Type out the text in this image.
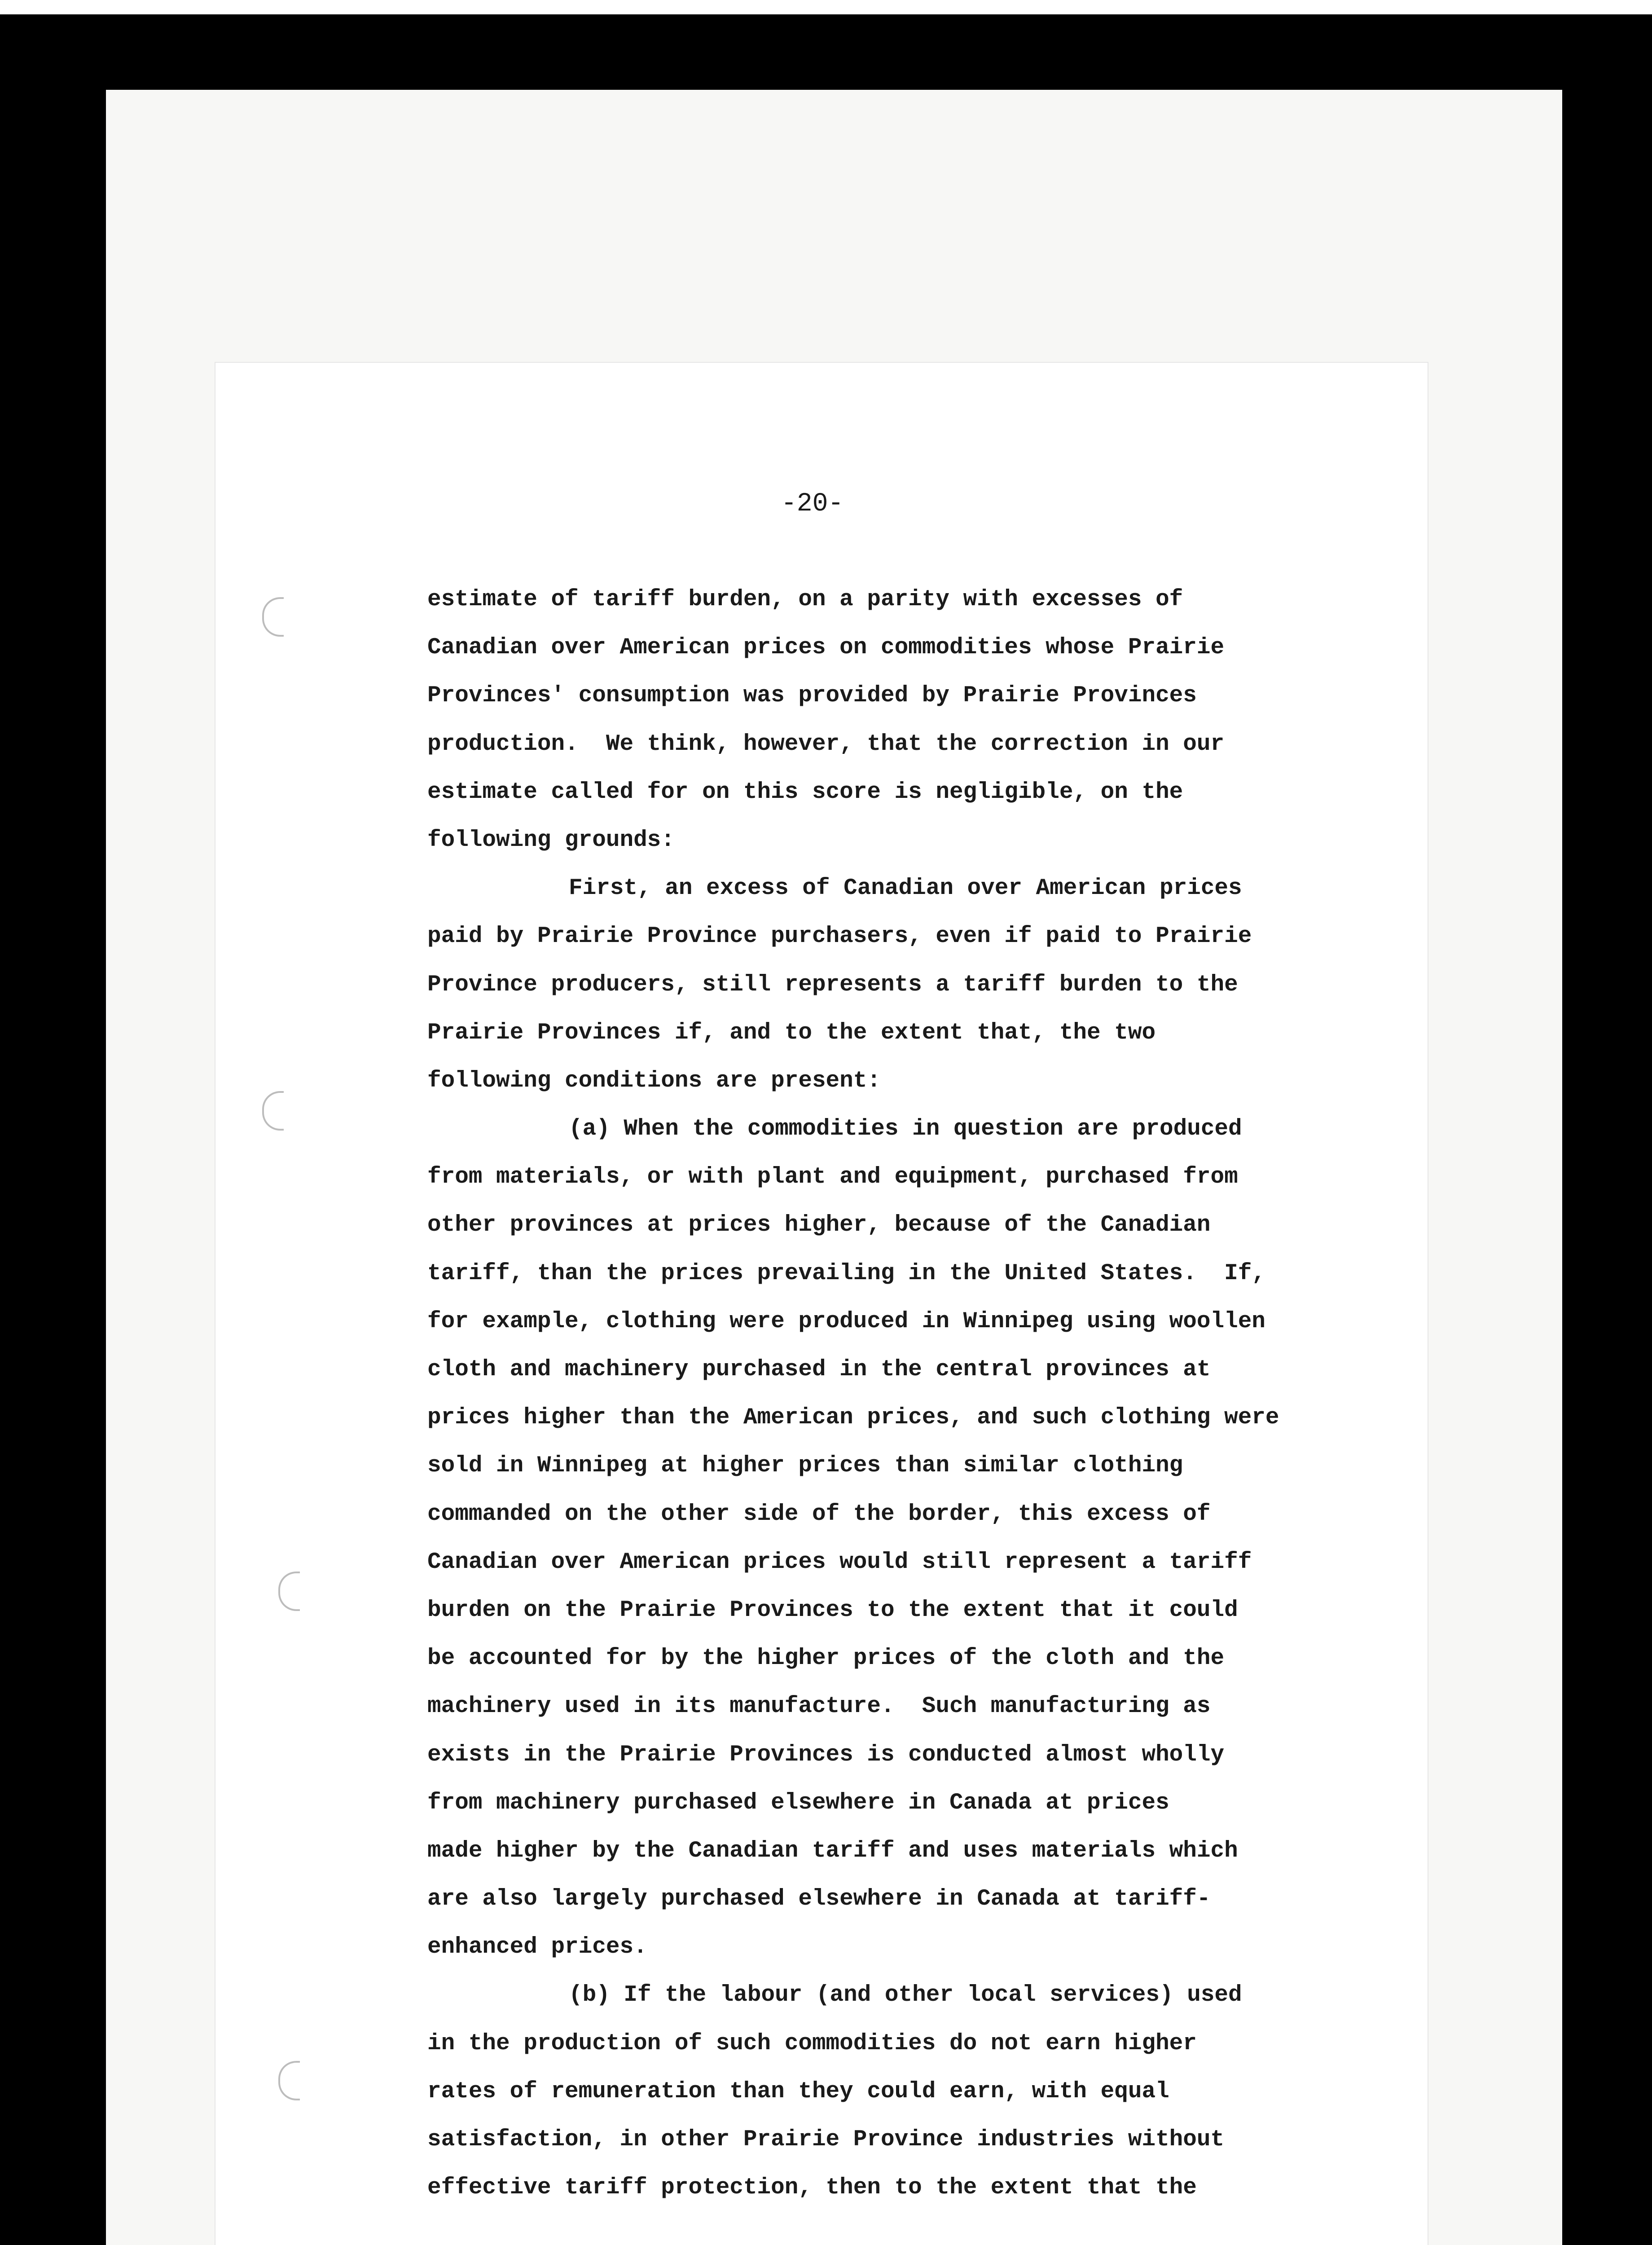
-20-
estimate of tariff burden, on a parity with excesses of
Canadian over American prices on commodities whose Prairie
Provinces' consumption was provided by Prairie Provinces
production.  We think, however, that the correction in our
estimate called for on this score is negligible, on the
following grounds:
First, an excess of Canadian over American prices
paid by Prairie Province purchasers, even if paid to Prairie
Province producers, still represents a tariff burden to the
Prairie Provinces if, and to the extent that, the two
following conditions are present:
(a) When the commodities in question are produced
from materials, or with plant and equipment, purchased from
other provinces at prices higher, because of the Canadian
tariff, than the prices prevailing in the United States.  If,
for example, clothing were produced in Winnipeg using woollen
cloth and machinery purchased in the central provinces at
prices higher than the American prices, and such clothing were
sold in Winnipeg at higher prices than similar clothing
commanded on the other side of the border, this excess of
Canadian over American prices would still represent a tariff
burden on the Prairie Provinces to the extent that it could
be accounted for by the higher prices of the cloth and the
machinery used in its manufacture.  Such manufacturing as
exists in the Prairie Provinces is conducted almost wholly
from machinery purchased elsewhere in Canada at prices
made higher by the Canadian tariff and uses materials which
are also largely purchased elsewhere in Canada at tariff-
enhanced prices.
(b) If the labour (and other local services) used
in the production of such commodities do not earn higher
rates of remuneration than they could earn, with equal
satisfaction, in other Prairie Province industries without
effective tariff protection, then to the extent that the
